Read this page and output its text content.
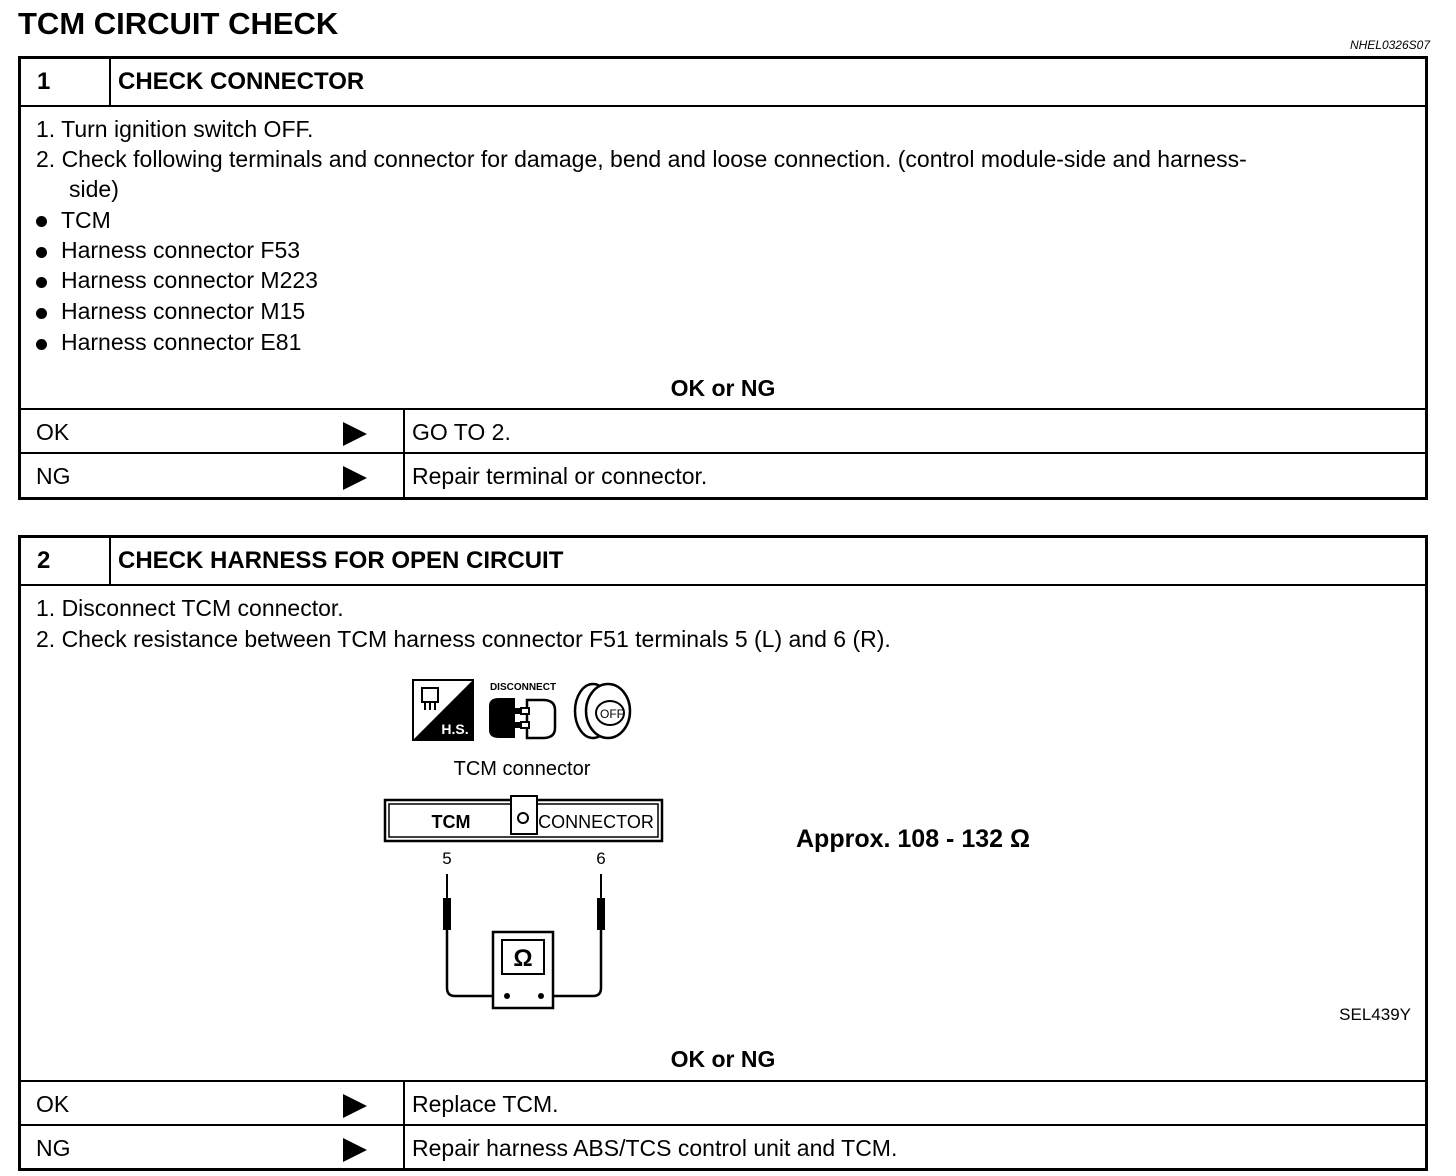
TCM CIRCUIT CHECK
NHEL0326S07
1	CHECK CONNECTOR
1. Turn ignition switch OFF.
2. Check following terminals and connector for damage, bend and loose connection. (control module-side and harness-
side)
TCM
Harness connector F53
Harness connector M223
Harness connector M15
Harness connector E81
OK or NG
OK	GO TO 2.
NG	Repair terminal or connector.
2	CHECK HARNESS FOR OPEN CIRCUIT
1. Disconnect TCM connector.
2. Check resistance between TCM harness connector F51 terminals 5 (L) and 6 (R).
H.S.
DISCONNECT
OFF
TCM connector
TCM	CONNECTOR
5	6
Ω
Approx. 108 - 132 Ω
SEL439Y
OK or NG
OK	Replace TCM.
NG	Repair harness ABS/TCS control unit and TCM.
